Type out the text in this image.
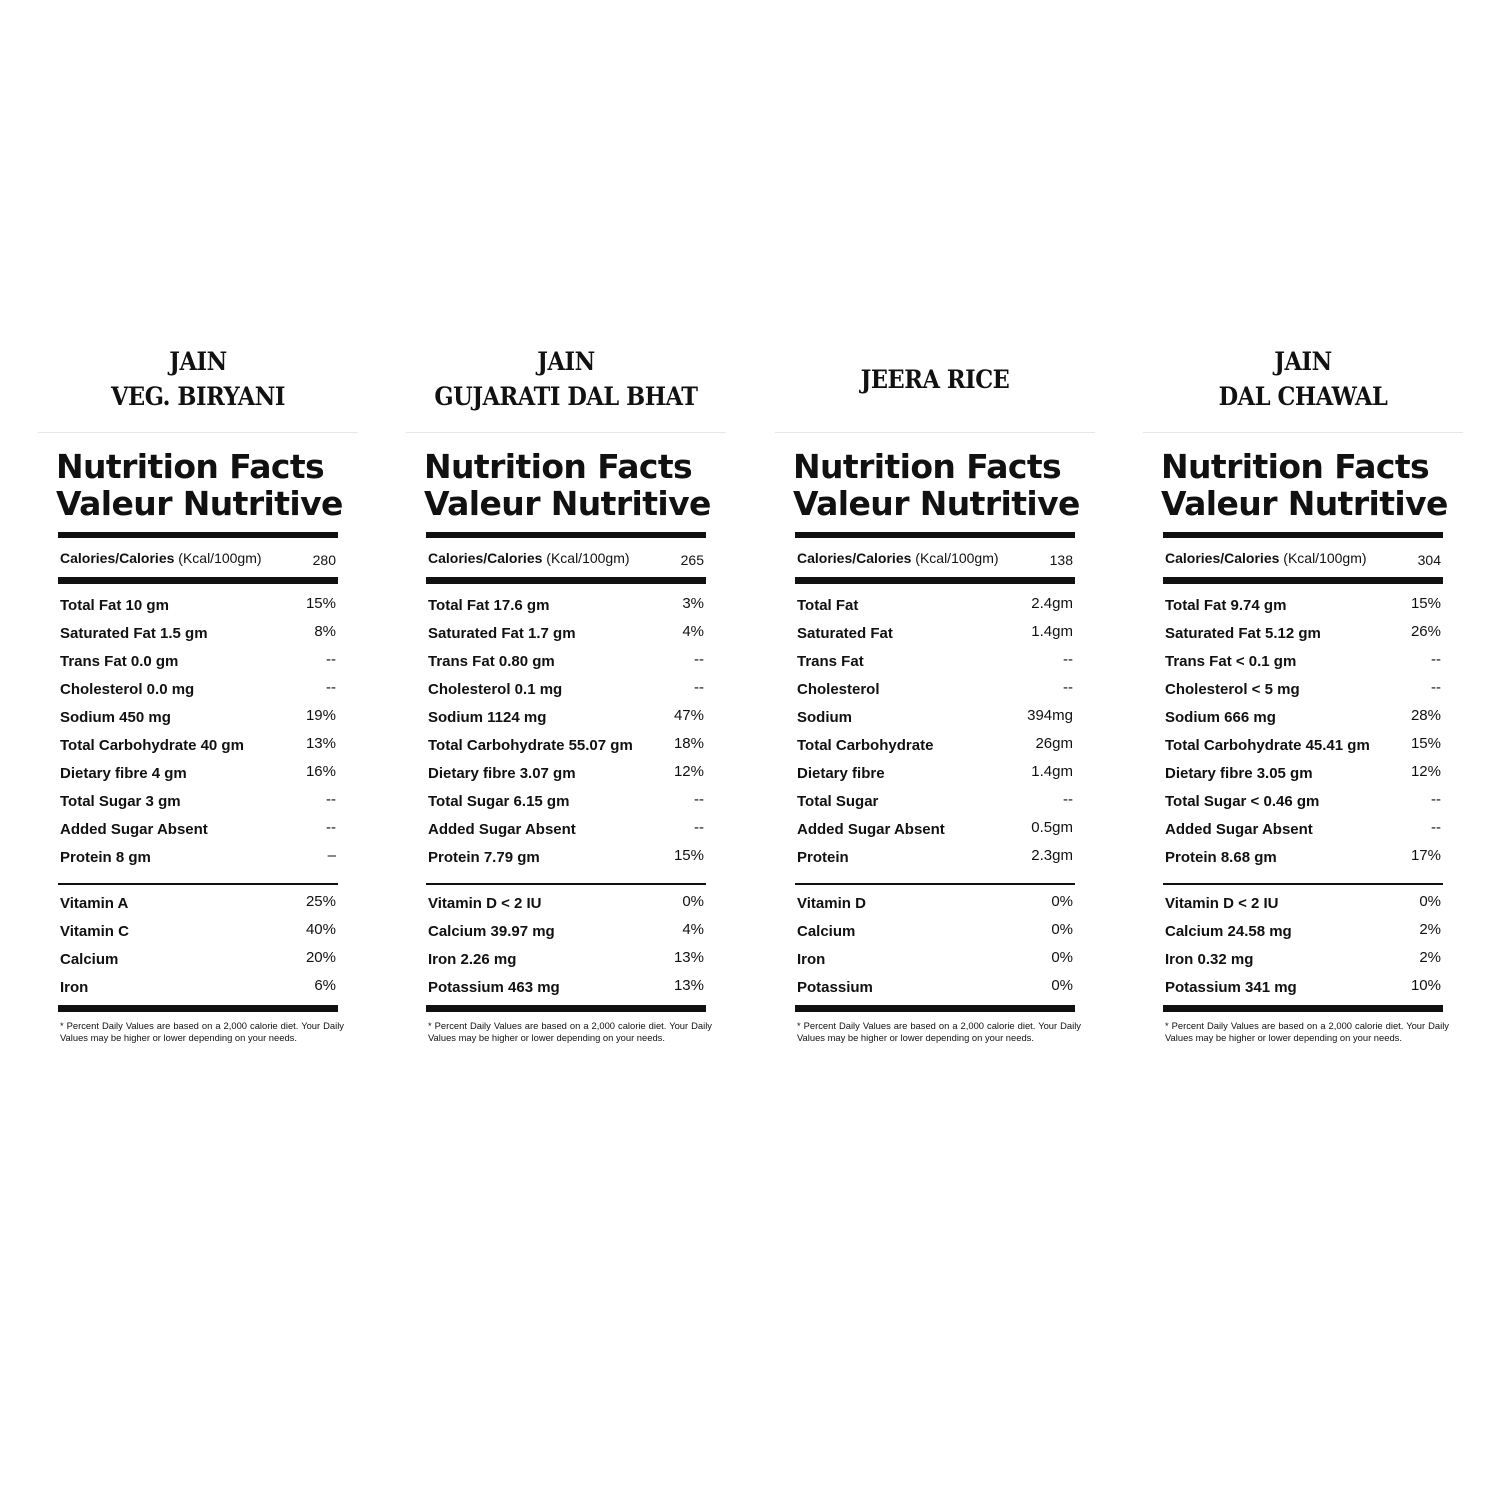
JAIN
VEG. BIRYANI
Nutrition Facts
Valeur Nutritive
Calories/Calories (Kcal/100gm)	280
Total Fat 10 gm	15%
Saturated Fat 1.5 gm	8%
Trans Fat 0.0 gm	--
Cholesterol 0.0 mg	--
Sodium 450 mg	19%
Total Carbohydrate 40 gm	13%
Dietary fibre 4 gm	16%
Total Sugar 3 gm	--
Added Sugar Absent	--
Protein 8 gm	–
Vitamin A	25%
Vitamin C	40%
Calcium	20%
Iron	6%
* Percent Daily Values are based on a 2,000 calorie diet. Your Daily Values may be higher or lower depending on your needs.
JAIN
GUJARATI DAL BHAT
Nutrition Facts
Valeur Nutritive
Calories/Calories (Kcal/100gm)	265
Total Fat 17.6 gm	3%
Saturated Fat 1.7 gm	4%
Trans Fat 0.80 gm	--
Cholesterol 0.1 mg	--
Sodium 1124 mg	47%
Total Carbohydrate 55.07 gm	18%
Dietary fibre 3.07 gm	12%
Total Sugar 6.15 gm	--
Added Sugar Absent	--
Protein 7.79 gm	15%
Vitamin D < 2 IU	0%
Calcium 39.97 mg	4%
Iron 2.26 mg	13%
Potassium 463 mg	13%
* Percent Daily Values are based on a 2,000 calorie diet. Your Daily Values may be higher or lower depending on your needs.
JEERA RICE
Nutrition Facts
Valeur Nutritive
Calories/Calories (Kcal/100gm)	138
Total Fat	2.4gm
Saturated Fat	1.4gm
Trans Fat	--
Cholesterol	--
Sodium	394mg
Total Carbohydrate	26gm
Dietary fibre	1.4gm
Total Sugar	--
Added Sugar Absent	0.5gm
Protein	2.3gm
Vitamin D	0%
Calcium	0%
Iron	0%
Potassium	0%
* Percent Daily Values are based on a 2,000 calorie diet. Your Daily Values may be higher or lower depending on your needs.
JAIN
DAL CHAWAL
Nutrition Facts
Valeur Nutritive
Calories/Calories (Kcal/100gm)	304
Total Fat 9.74 gm	15%
Saturated Fat 5.12 gm	26%
Trans Fat < 0.1 gm	--
Cholesterol < 5 mg	--
Sodium 666 mg	28%
Total Carbohydrate 45.41 gm	15%
Dietary fibre 3.05 gm	12%
Total Sugar < 0.46 gm	--
Added Sugar Absent	--
Protein 8.68 gm	17%
Vitamin D < 2 IU	0%
Calcium 24.58 mg	2%
Iron 0.32 mg	2%
Potassium 341 mg	10%
* Percent Daily Values are based on a 2,000 calorie diet. Your Daily Values may be higher or lower depending on your needs.
